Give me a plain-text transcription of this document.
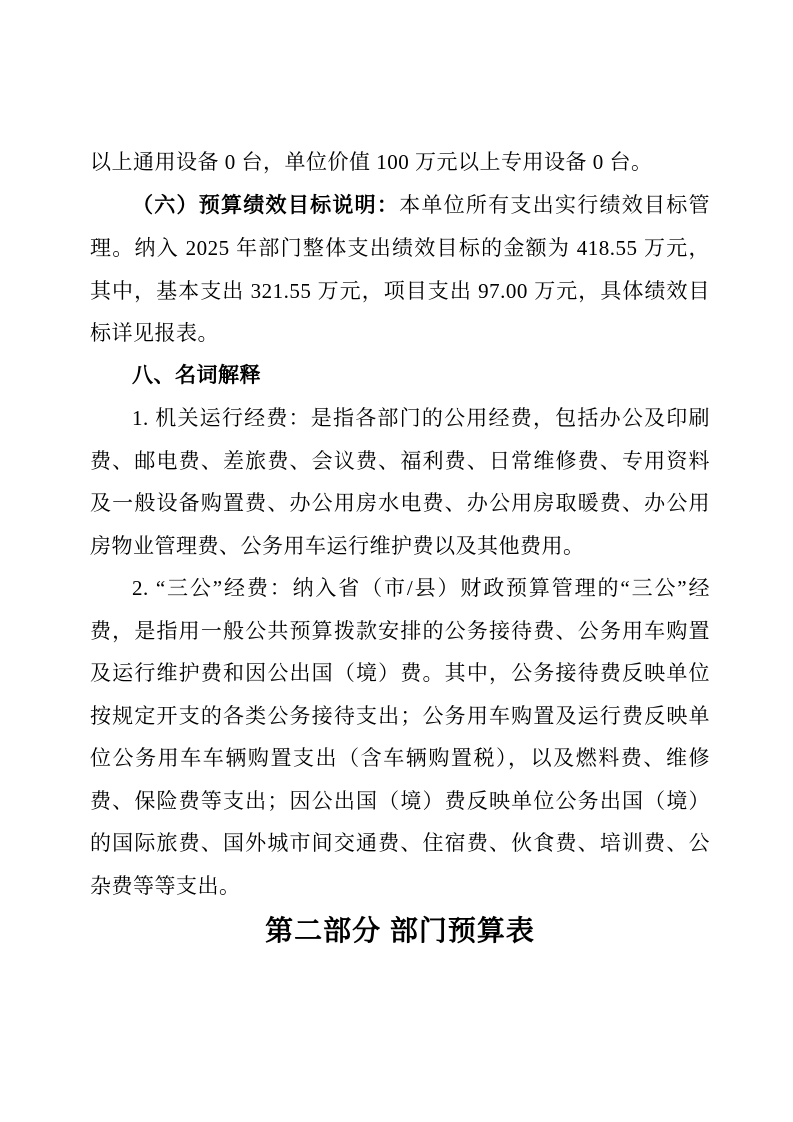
以上通用设备 0 台，单位价值 100 万元以上专用设备 0 台。

（六）预算绩效目标说明：本单位所有支出实行绩效目标管理。纳入 2025 年部门整体支出绩效目标的金额为 418.55 万元，其中，基本支出 321.55 万元，项目支出 97.00 万元，具体绩效目标详见报表。

八、名词解释

1. 机关运行经费：是指各部门的公用经费，包括办公及印刷费、邮电费、差旅费、会议费、福利费、日常维修费、专用资料及一般设备购置费、办公用房水电费、办公用房取暖费、办公用房物业管理费、公务用车运行维护费以及其他费用。

2. “三公”经费：纳入省（市/县）财政预算管理的“三公”经费，是指用一般公共预算拨款安排的公务接待费、公务用车购置及运行维护费和因公出国（境）费。其中，公务接待费反映单位按规定开支的各类公务接待支出；公务用车购置及运行费反映单位公务用车车辆购置支出（含车辆购置税），以及燃料费、维修费、保险费等支出；因公出国（境）费反映单位公务出国（境）的国际旅费、国外城市间交通费、住宿费、伙食费、培训费、公杂费等等支出。

第二部分 部门预算表
